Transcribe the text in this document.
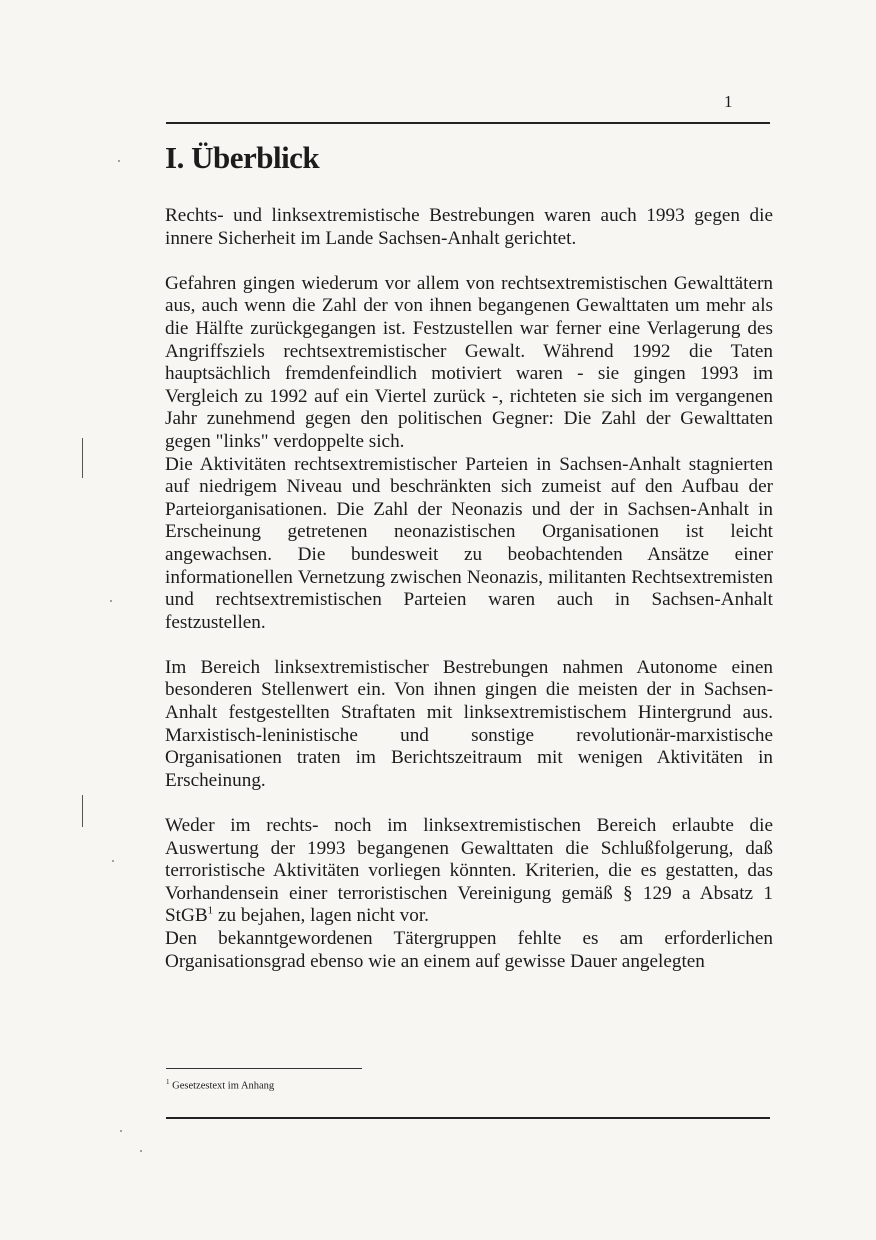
1
I. Überblick

Rechts- und linksextremistische Bestrebungen waren auch 1993 gegen die innere Sicherheit im Lande Sachsen-Anhalt gerichtet.

Gefahren gingen wiederum vor allem von rechtsextremistischen Gewalttätern aus, auch wenn die Zahl der von ihnen begangenen Gewalttaten um mehr als die Hälfte zurückgegangen ist. Festzustellen war ferner eine Verlagerung des Angriffsziels rechtsextremistischer Gewalt. Während 1992 die Taten hauptsächlich fremdenfeindlich motiviert waren - sie gingen 1993 im Vergleich zu 1992 auf ein Viertel zurück -, richteten sie sich im vergangenen Jahr zunehmend gegen den politischen Gegner: Die Zahl der Gewalttaten gegen "links" verdoppelte sich.

Die Aktivitäten rechtsextremistischer Parteien in Sachsen-Anhalt stagnierten auf niedrigem Niveau und beschränkten sich zumeist auf den Aufbau der Parteiorganisationen. Die Zahl der Neonazis und der in Sachsen-Anhalt in Erscheinung getretenen neonazistischen Organisationen ist leicht angewachsen. Die bundesweit zu beobachtenden Ansätze einer informationellen Vernetzung zwischen Neonazis, militanten Rechtsextremisten und rechtsextremistischen Parteien waren auch in Sachsen-Anhalt festzustellen.

Im Bereich linksextremistischer Bestrebungen nahmen Autonome einen besonderen Stellenwert ein. Von ihnen gingen die meisten der in Sachsen-Anhalt festgestellten Straftaten mit linksextremistischem Hintergrund aus. Marxistisch-leninistische und sonstige revolutionär-marxistische Organisationen traten im Berichtszeitraum mit wenigen Aktivitäten in Erscheinung.

Weder im rechts- noch im linksextremistischen Bereich erlaubte die Auswertung der 1993 begangenen Gewalttaten die Schlußfolgerung, daß terroristische Aktivitäten vorliegen könnten. Kriterien, die es gestatten, das Vorhandensein einer terroristischen Vereinigung gemäß § 129 a Absatz 1 StGB$^1$ zu bejahen, lagen nicht vor.

Den bekanntgewordenen Tätergruppen fehlte es am erforderlichen Organisationsgrad ebenso wie an einem auf gewisse Dauer angelegten

$^1$ Gesetzestext im Anhang
